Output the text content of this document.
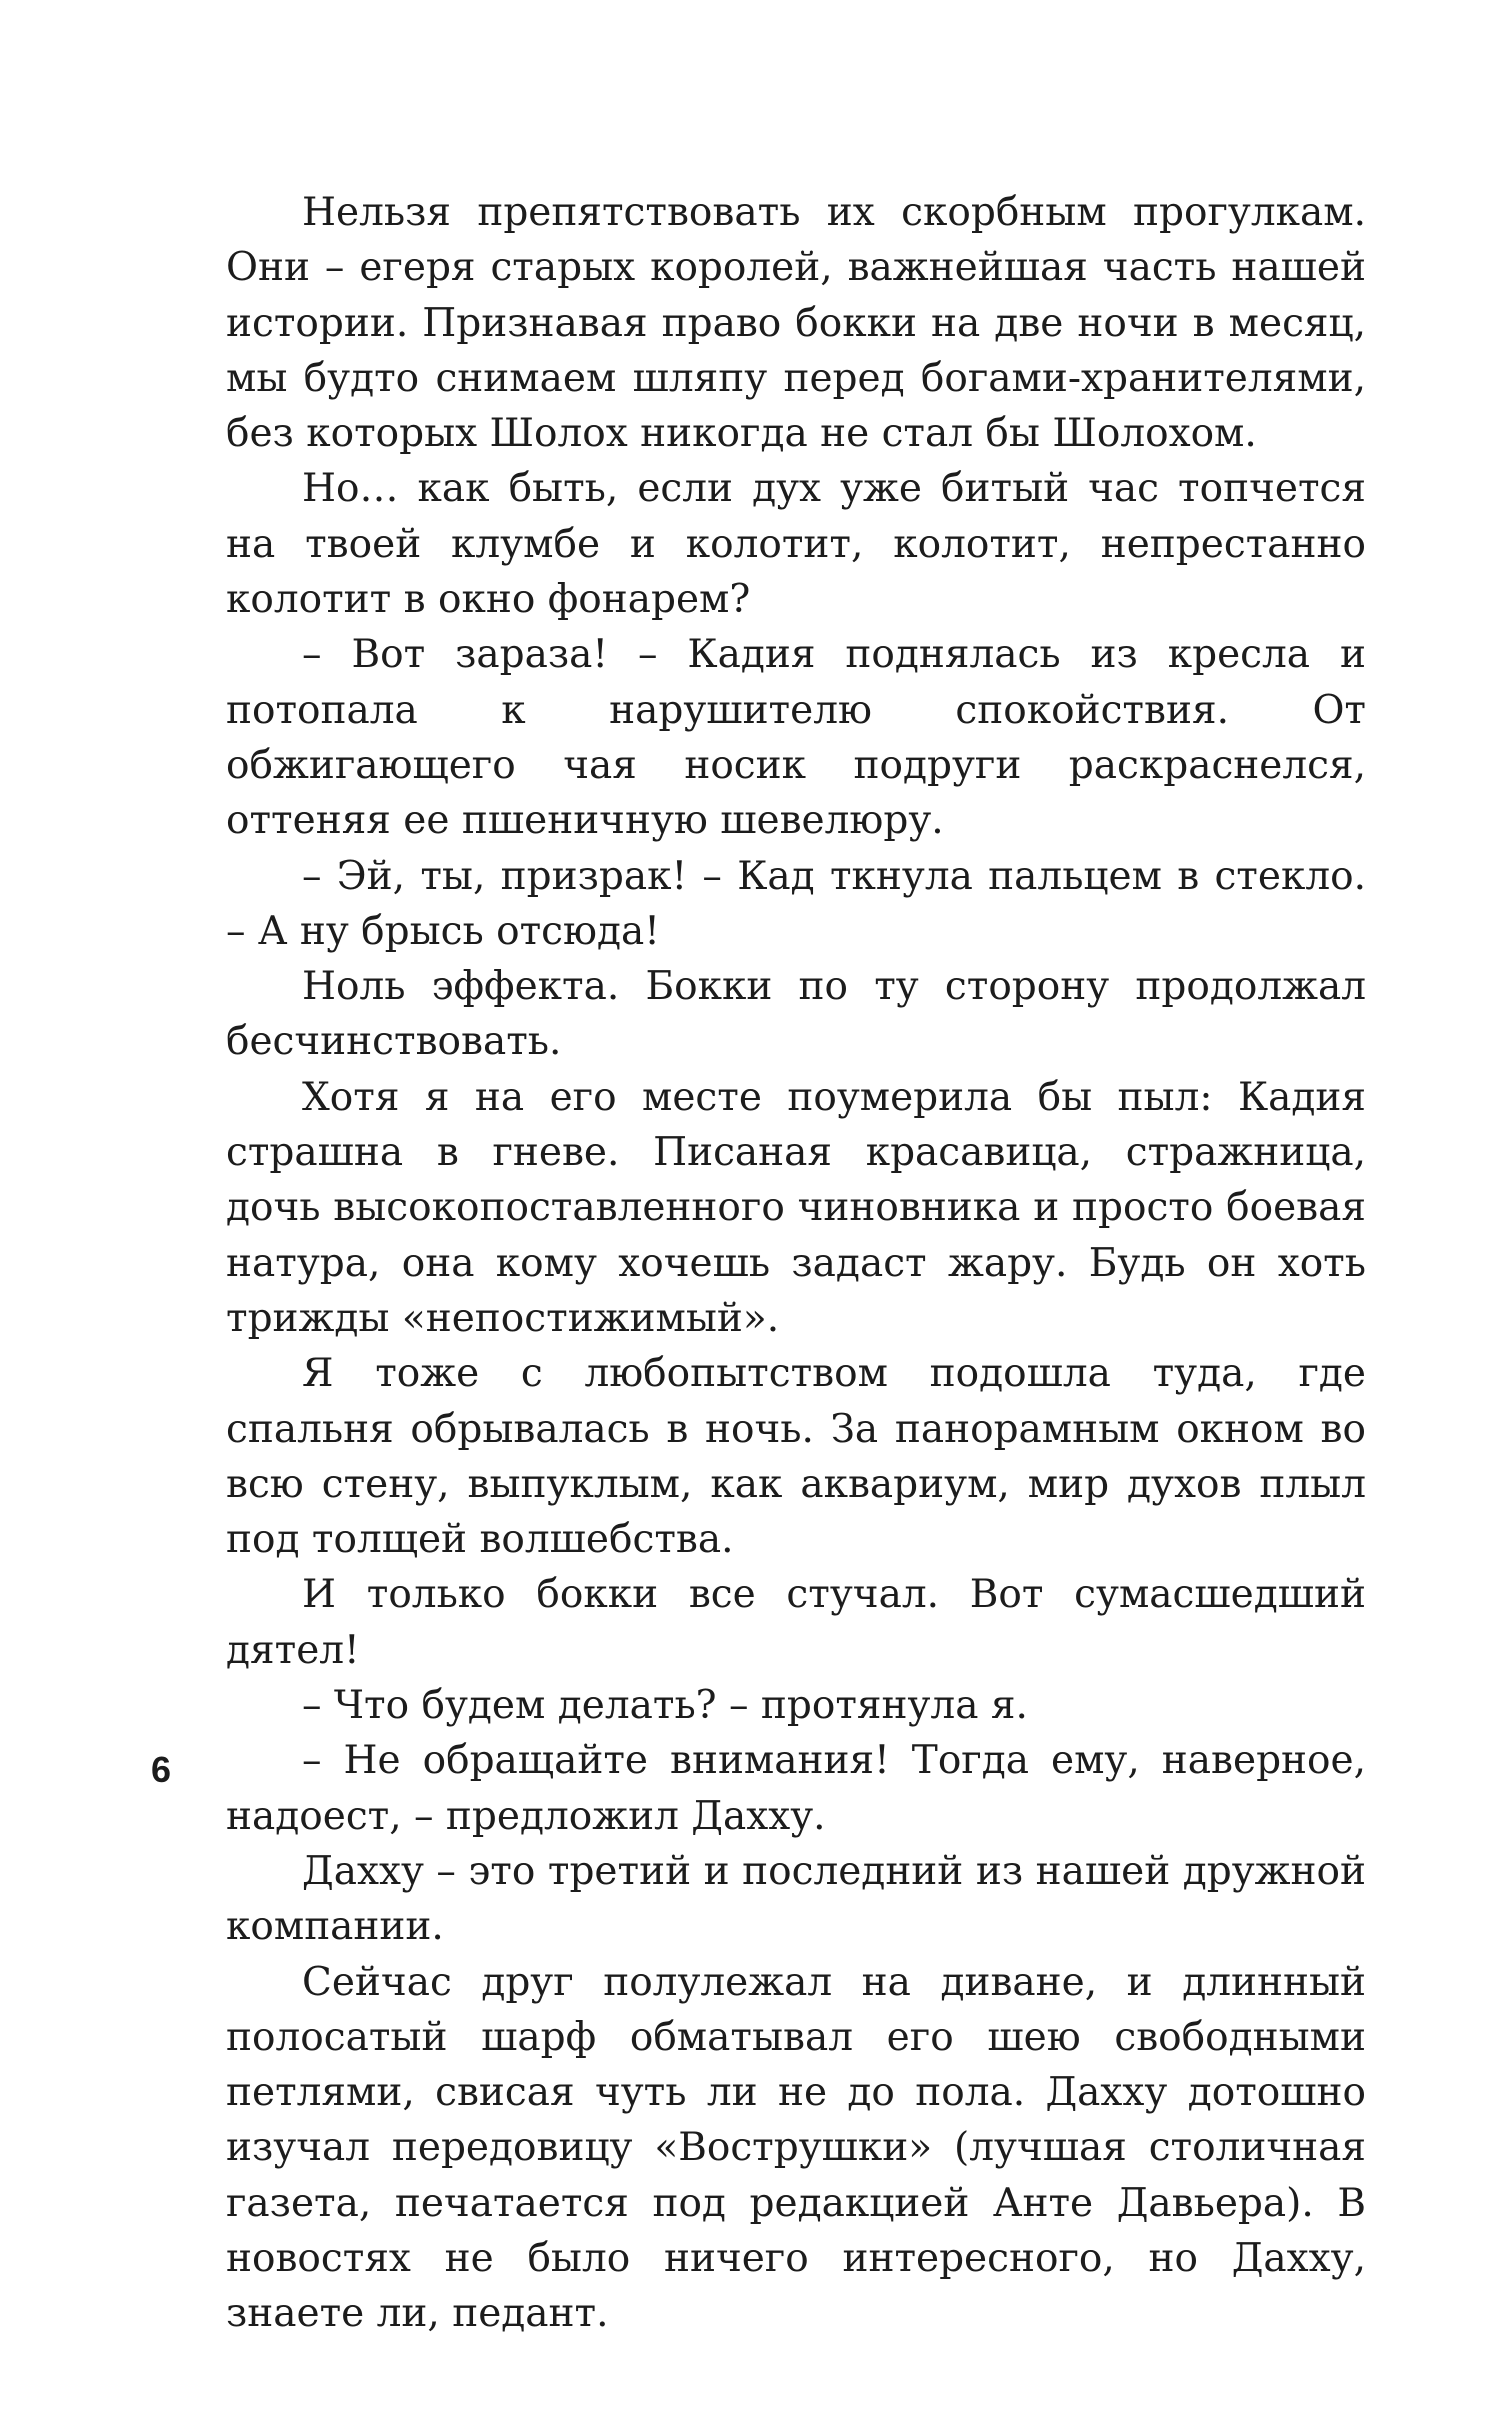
Нельзя препятствовать их скорбным прогулкам. Они – егеря старых королей, важнейшая часть нашей истории. Признавая право бокки на две ночи в месяц, мы будто снимаем шляпу перед богами-хранителями, без которых Шолох никогда не стал бы Шолохом.

Но… как быть, если дух уже битый час топчется на твоей клумбе и колотит, колотит, непрестанно колотит в окно фонарем?

– Вот зараза! – Кадия поднялась из кресла и потопала к нарушителю спокойствия. От обжигающего чая носик подруги раскраснелся, оттеняя ее пшеничную шевелюру.

– Эй, ты, призрак! – Кад ткнула пальцем в стекло. – А ну брысь отсюда!

Ноль эффекта. Бокки по ту сторону продолжал бесчинствовать.

Хотя я на его месте поумерила бы пыл: Кадия страшна в гневе. Писаная красавица, стражница, дочь высокопоставленного чиновника и просто боевая натура, она кому хочешь задаст жару. Будь он хоть трижды «непостижимый».

Я тоже с любопытством подошла туда, где спальня обрывалась в ночь. За панорамным окном во всю стену, выпуклым, как аквариум, мир духов плыл под толщей волшебства.

И только бокки все стучал. Вот сумасшедший дятел!

– Что будем делать? – протянула я.

– Не обращайте внимания! Тогда ему, наверное, надоест, – предложил Дахху.

Дахху – это третий и последний из нашей дружной компании.

Сейчас друг полулежал на диване, и длинный полосатый шарф обматывал его шею свободными петлями, свисая чуть ли не до пола. Дахху дотошно изучал передовицу «Вострушки» (лучшая столичная газета, печатается под редакцией Анте Давьера). В новостях не было ничего интересного, но Дахху, знаете ли, педант.

6
